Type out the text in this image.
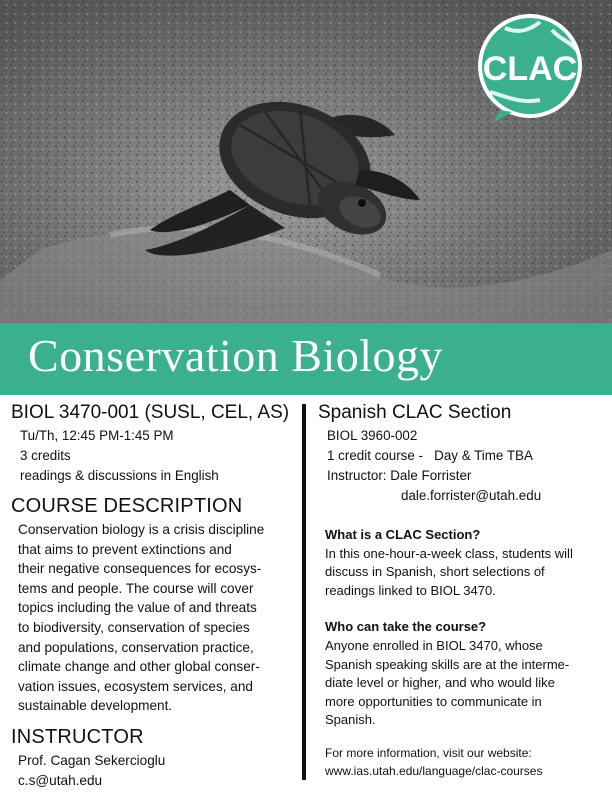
CLAC
Conservation Biology
BIOL 3470-001 (SUSL, CEL, AS)
Tu/Th, 12:45 PM-1:45 PM
3 credits
readings & discussions in English
COURSE DESCRIPTION
Conservation biology is a crisis discipline
that aims to prevent extinctions and
their negative consequences for ecosys-
tems and people. The course will cover
topics including the value of and threats
to biodiversity, conservation of species
and populations, conservation practice,
climate change and other global conser-
vation issues, ecosystem services, and
sustainable development.
INSTRUCTOR
Prof. Cagan Sekercioglu
c.s@utah.edu
Spanish CLAC Section
BIOL 3960-002
1 credit course -   Day & Time TBA
Instructor: Dale Forrister
dale.forrister@utah.edu
What is a CLAC Section?
In this one-hour-a-week class, students will
discuss in Spanish, short selections of
readings linked to BIOL 3470.
Who can take the course?
Anyone enrolled in BIOL 3470, whose
Spanish speaking skills are at the interme-
diate level or higher, and who would like
more opportunities to communicate in
Spanish.
For more information, visit our website:
www.ias.utah.edu/language/clac-courses
